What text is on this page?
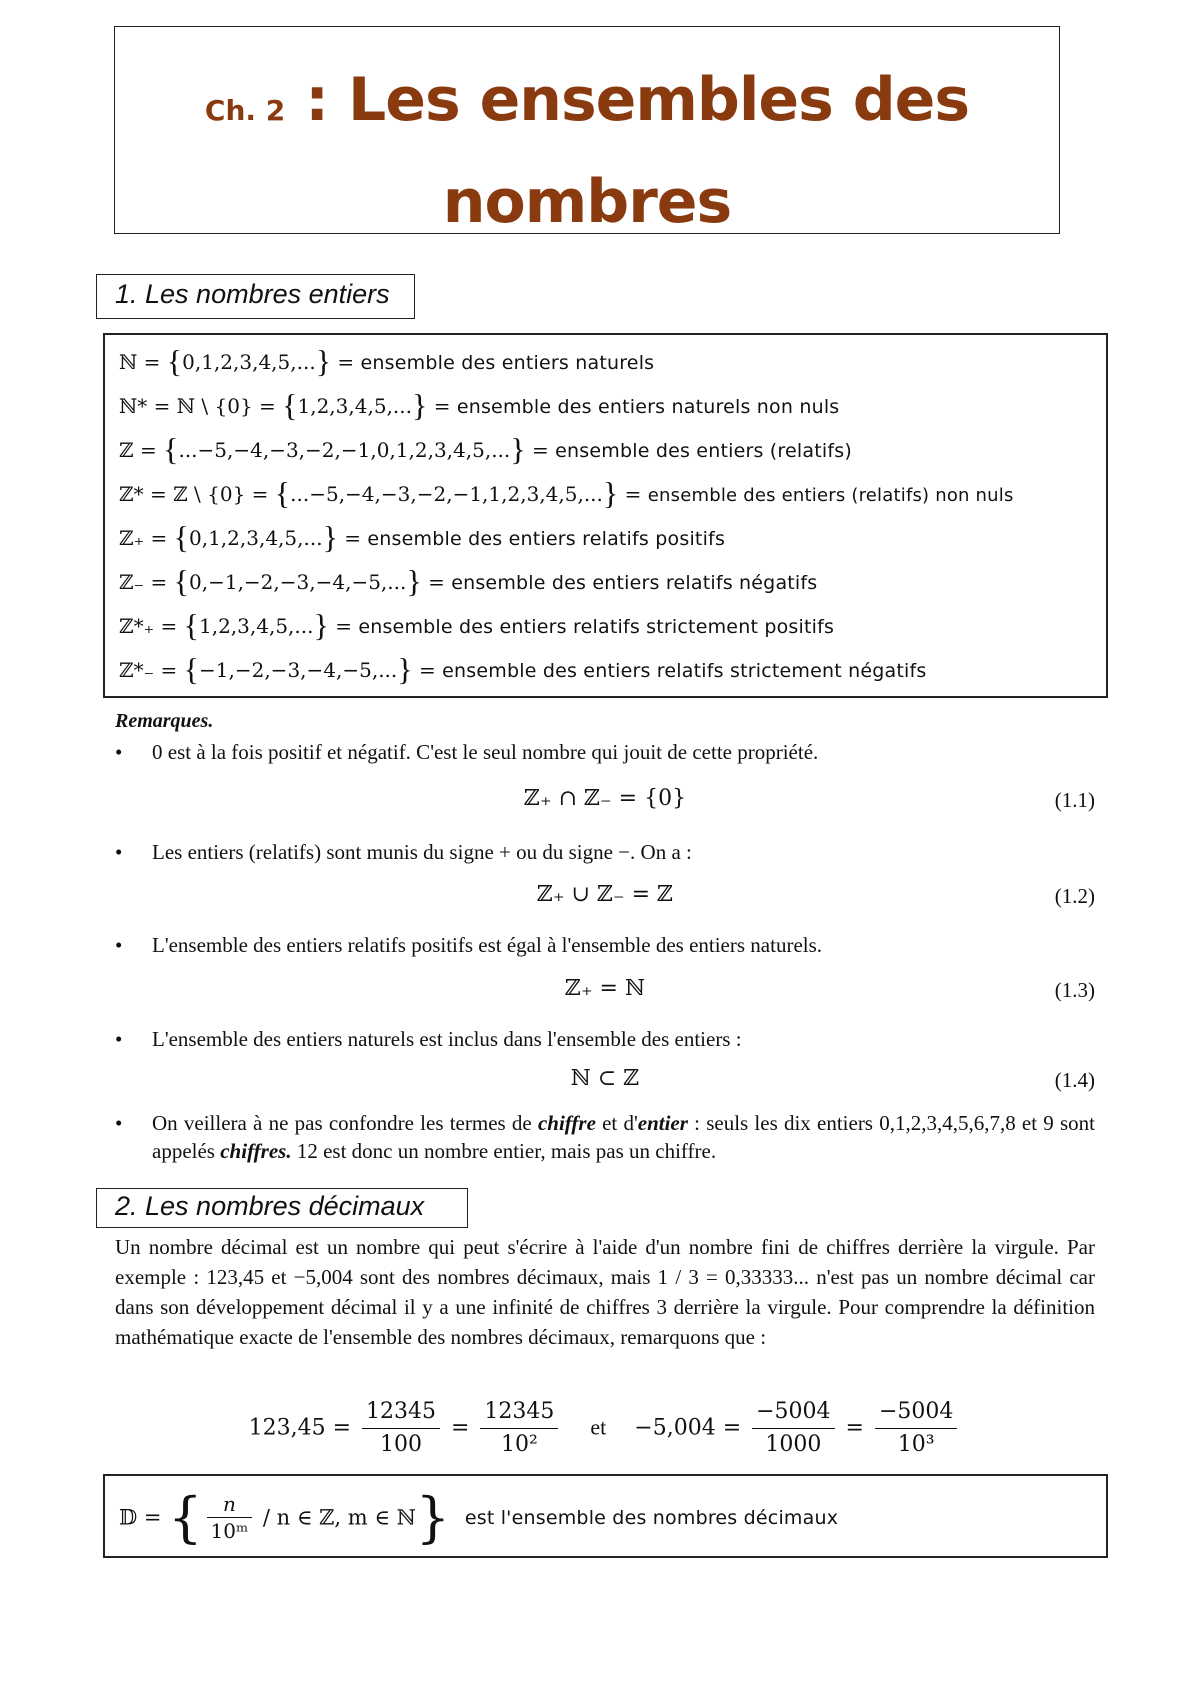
Ch. 2 : Les ensembles des
nombres
1. Les nombres entiers
ℕ = {0,1,2,3,4,5,...} = ensemble des entiers naturels
ℕ* = ℕ \ {0} = {1,2,3,4,5,...} = ensemble des entiers naturels non nuls
ℤ = {...−5,−4,−3,−2,−1,0,1,2,3,4,5,...} = ensemble des entiers (relatifs)
ℤ* = ℤ \ {0} = {...−5,−4,−3,−2,−1,1,2,3,4,5,...} = ensemble des entiers (relatifs) non nuls
ℤ₊ = {0,1,2,3,4,5,...} = ensemble des entiers relatifs positifs
ℤ₋ = {0,−1,−2,−3,−4,−5,...} = ensemble des entiers relatifs négatifs
ℤ*₊ = {1,2,3,4,5,...} = ensemble des entiers relatifs strictement positifs
ℤ*₋ = {−1,−2,−3,−4,−5,...} = ensemble des entiers relatifs strictement négatifs
Remarques.
• 0 est à la fois positif et négatif. C'est le seul nombre qui jouit de cette propriété.
ℤ₊ ∩ ℤ₋ = {0}	(1.1)
• Les entiers (relatifs) sont munis du signe + ou du signe −. On a :
ℤ₊ ∪ ℤ₋ = ℤ	(1.2)
• L'ensemble des entiers relatifs positifs est égal à l'ensemble des entiers naturels.
ℤ₊ = ℕ	(1.3)
• L'ensemble des entiers naturels est inclus dans l'ensemble des entiers :
ℕ ⊂ ℤ	(1.4)
• On veillera à ne pas confondre les termes de chiffre et d'entier : seuls les dix entiers 0,1,2,3,4,5,6,7,8 et 9 sont appelés chiffres. 12 est donc un nombre entier, mais pas un chiffre.
2. Les nombres décimaux
Un nombre décimal est un nombre qui peut s'écrire à l'aide d'un nombre fini de chiffres derrière la virgule. Par exemple : 123,45 et −5,004 sont des nombres décimaux, mais 1 / 3 = 0,33333... n'est pas un nombre décimal car dans son développement décimal il y a une infinité de chiffres 3 derrière la virgule. Pour comprendre la définition mathématique exacte de l'ensemble des nombres décimaux, remarquons que :
$123,45 = \frac{12345}{100} = \frac{12345}{\text{10²}}$ et $-5,004 = \frac{-5004}{1000} = \frac{-5004}{\text{10³}}$
𝔻 = { $\frac{n}{\text{10ᵐ}}$ / n ∈ ℤ, m ∈ ℕ} est l'ensemble des nombres décimaux
